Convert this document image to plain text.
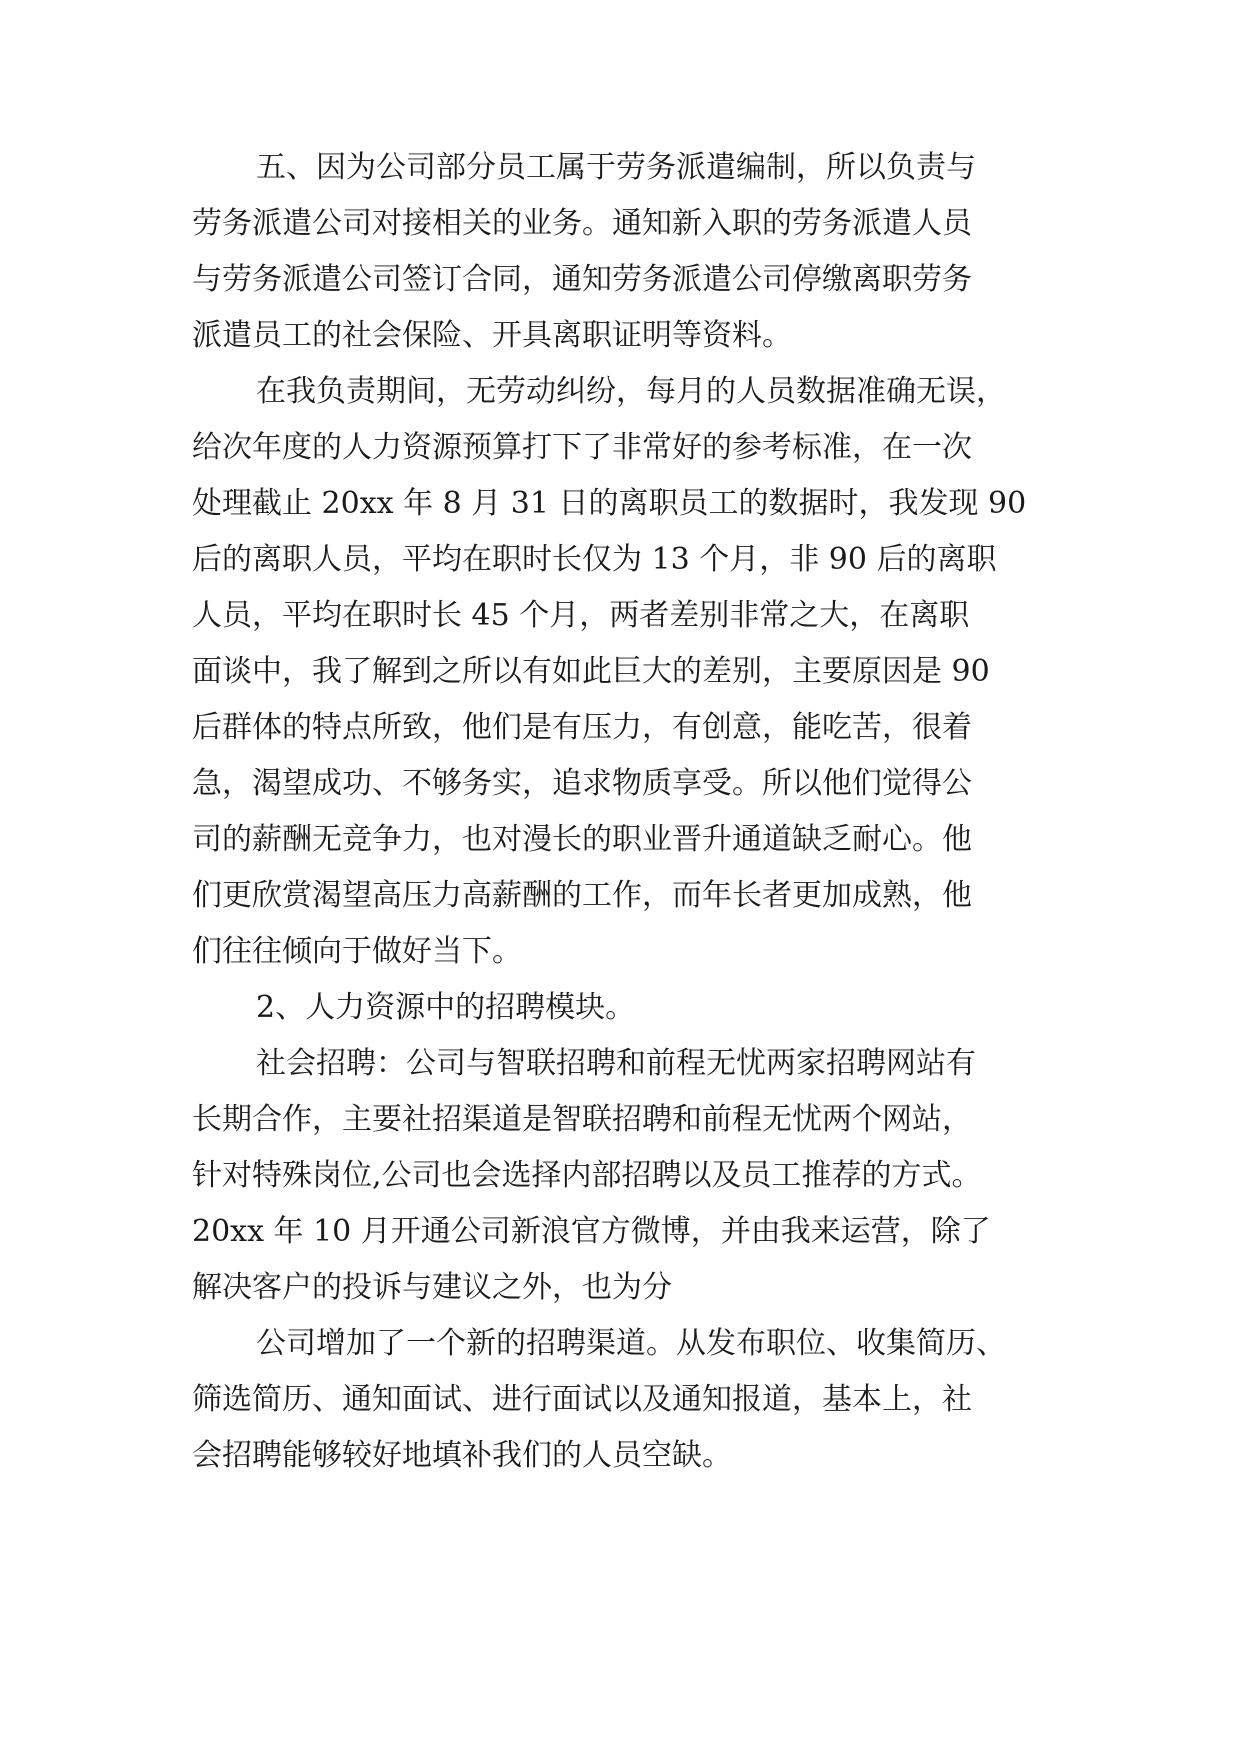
五、因为公司部分员工属于劳务派遣编制，所以负责与
劳务派遣公司对接相关的业务。通知新入职的劳务派遣人员
与劳务派遣公司签订合同，通知劳务派遣公司停缴离职劳务
派遣员工的社会保险、开具离职证明等资料。
在我负责期间，无劳动纠纷，每月的人员数据准确无误，
给次年度的人力资源预算打下了非常好的参考标准，在一次
处理截止 20xx 年 8 月 31 日的离职员工的数据时，我发现 90
后的离职人员，平均在职时长仅为 13 个月，非 90 后的离职
人员，平均在职时长 45 个月，两者差别非常之大，在离职
面谈中，我了解到之所以有如此巨大的差别，主要原因是 90
后群体的特点所致，他们是有压力，有创意，能吃苦，很着
急，渴望成功、不够务实，追求物质享受。所以他们觉得公
司的薪酬无竞争力，也对漫长的职业晋升通道缺乏耐心。他
们更欣赏渴望高压力高薪酬的工作，而年长者更加成熟，他
们往往倾向于做好当下。
2、人力资源中的招聘模块。
社会招聘：公司与智联招聘和前程无忧两家招聘网站有
长期合作，主要社招渠道是智联招聘和前程无忧两个网站，
针对特殊岗位,公司也会选择内部招聘以及员工推荐的方式。
20xx 年 10 月开通公司新浪官方微博，并由我来运营，除了
解决客户的投诉与建议之外，也为分
公司增加了一个新的招聘渠道。从发布职位、收集简历、
筛选简历、通知面试、进行面试以及通知报道，基本上，社
会招聘能够较好地填补我们的人员空缺。
